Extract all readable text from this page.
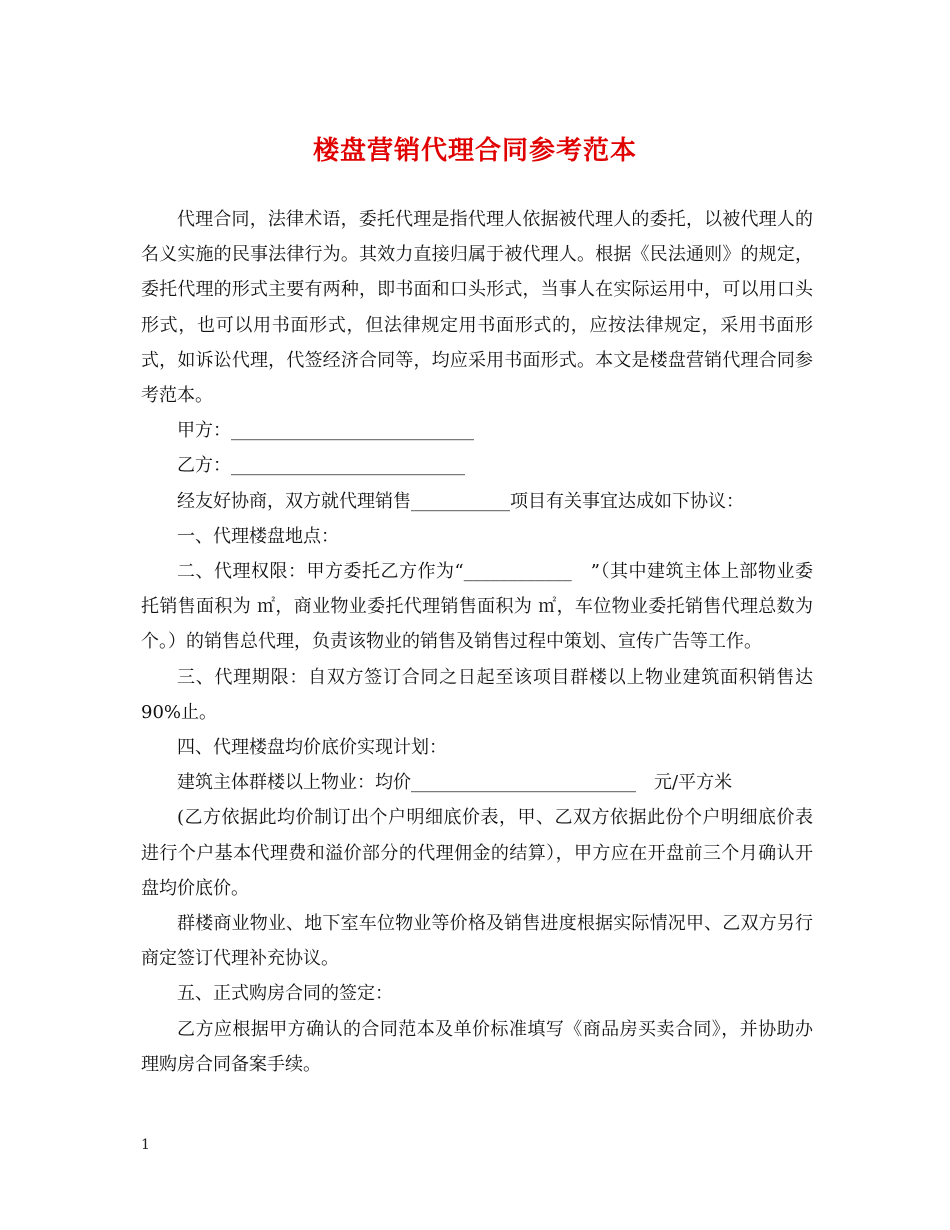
楼盘营销代理合同参考范本

代理合同，法律术语，委托代理是指代理人依据被代理人的委托，以被代理人的名义实施的民事法律行为。其效力直接归属于被代理人。根据《民法通则》的规定，委托代理的形式主要有两种，即书面和口头形式，当事人在实际运用中，可以用口头形式，也可以用书面形式，但法律规定用书面形式的，应按法律规定，采用书面形式，如诉讼代理，代签经济合同等，均应采用书面形式。本文是楼盘营销代理合同参考范本。

甲方：___________________________

乙方：__________________________

经友好协商，双方就代理销售___________项目有关事宜达成如下协议：

一、代理楼盘地点：

二、代理权限：甲方委托乙方作为“____________　”（其中建筑主体上部物业委托销售面积为 ㎡，商业物业委托代理销售面积为 ㎡，车位物业委托销售代理总数为 个。）的销售总代理，负责该物业的销售及销售过程中策划、宣传广告等工作。

三、代理期限：自双方签订合同之日起至该项目群楼以上物业建筑面积销售达90%止。

四、代理楼盘均价底价实现计划：

建筑主体群楼以上物业：均价_________________________　元/平方米

(乙方依据此均价制订出个户明细底价表，甲、乙双方依据此份个户明细底价表进行个户基本代理费和溢价部分的代理佣金的结算），甲方应在开盘前三个月确认开盘均价底价。

群楼商业物业、地下室车位物业等价格及销售进度根据实际情况甲、乙双方另行商定签订代理补充协议。

五、正式购房合同的签定：

乙方应根据甲方确认的合同范本及单价标准填写《商品房买卖合同》，并协助办理购房合同备案手续。

1
